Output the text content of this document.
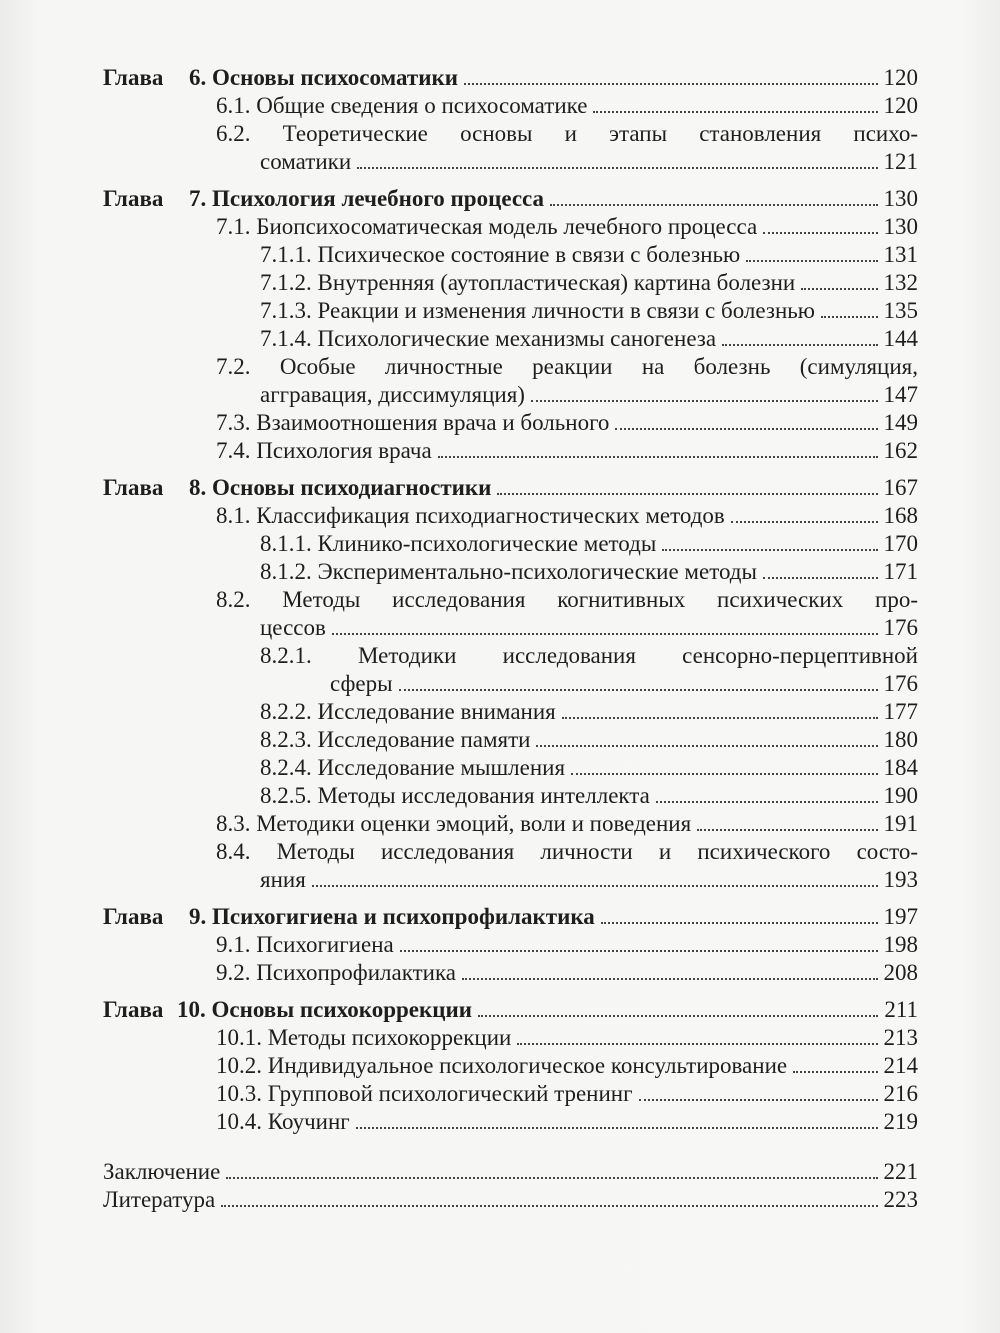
Глава	6. Основы психосоматики	120
6.1. Общие сведения о психосоматике	120
6.2. Теоретические основы и этапы становления психо-
соматики	121
Глава	7. Психология лечебного процесса	130
7.1. Биопсихосоматическая модель лечебного процесса	130
7.1.1. Психическое состояние в связи с болезнью	131
7.1.2. Внутренняя (аутопластическая) картина болезни	132
7.1.3. Реакции и изменения личности в связи с болезнью	135
7.1.4. Психологические механизмы саногенеза	144
7.2. Особые личностные реакции на болезнь (симуляция,
аггравация, диссимуляция)	147
7.3. Взаимоотношения врача и больного	149
7.4. Психология врача	162
Глава	8. Основы психодиагностики	167
8.1. Классификация психодиагностических методов	168
8.1.1. Клинико-психологические методы	170
8.1.2. Экспериментально-психологические методы	171
8.2. Методы исследования когнитивных психических про-
цессов	176
8.2.1. Методики исследования сенсорно-перцептивной
сферы	176
8.2.2. Исследование внимания	177
8.2.3. Исследование памяти	180
8.2.4. Исследование мышления	184
8.2.5. Методы исследования интеллекта	190
8.3. Методики оценки эмоций, воли и поведения	191
8.4. Методы исследования личности и психического состо-
яния	193
Глава	9. Психогигиена и психопрофилактика	197
9.1. Психогигиена	198
9.2. Психопрофилактика	208
Глава 10. Основы психокоррекции	211
10.1. Методы психокоррекции	213
10.2. Индивидуальное психологическое консультирование	214
10.3. Групповой психологический тренинг	216
10.4. Коучинг	219
Заключение	221
Литература	223
